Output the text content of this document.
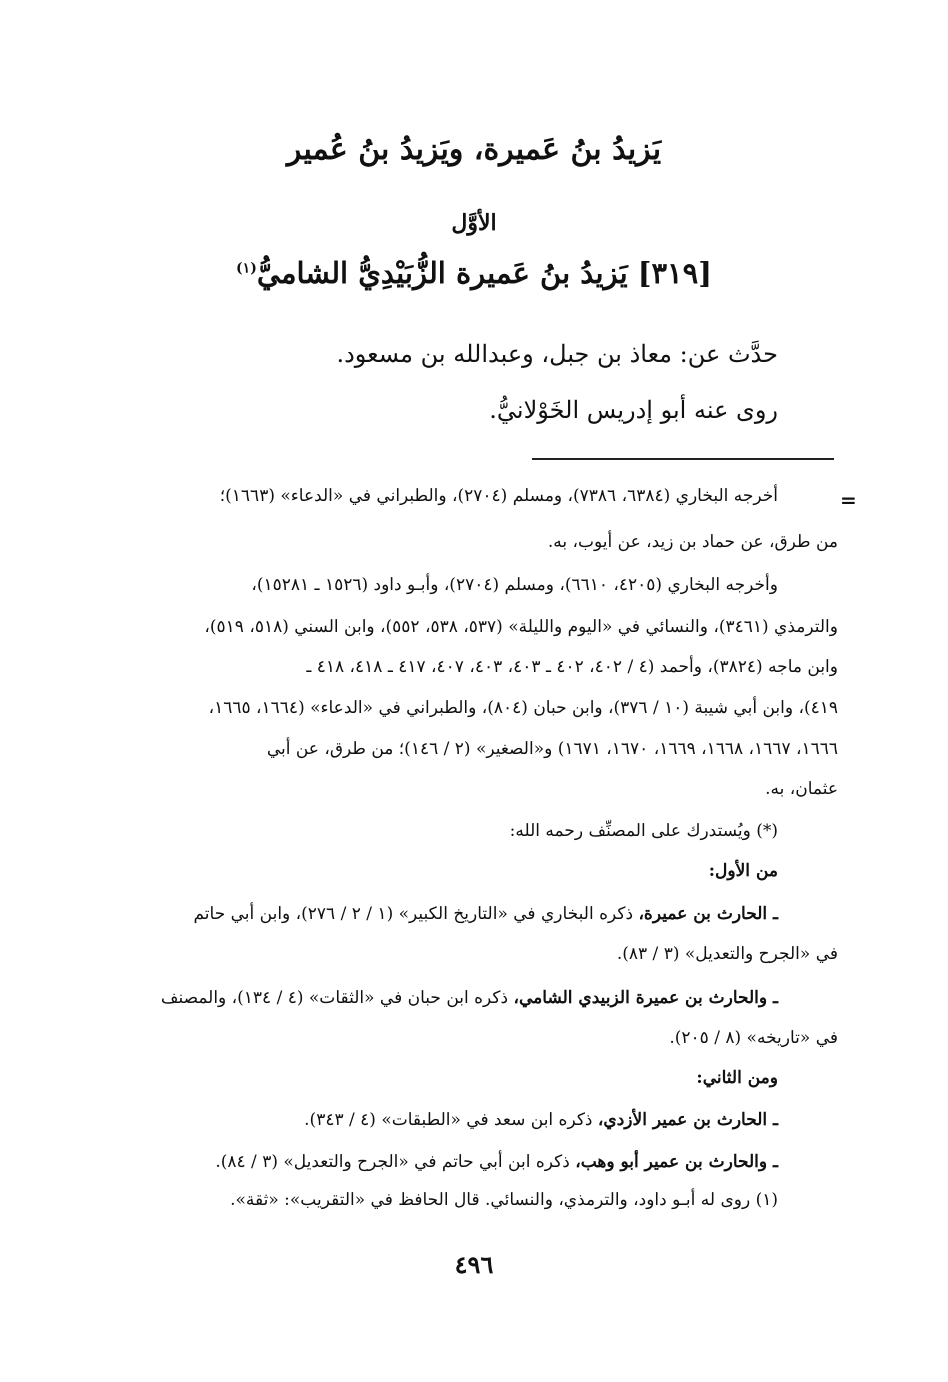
يَزيدُ بنُ عَميرة، ويَزيدُ بنُ عُمير
الأوَّل
[٣١٩] يَزيدُ بنُ عَميرة الزُّبَيْدِيُّ الشاميُّ$^{(١)}$
حدَّث عن: معاذ بن جبل، وعبدالله بن مسعود.
روى عنه أبو إدريس الخَوْلانيُّ.
=
أخرجه البخاري (٦٣٨٤، ٧٣٨٦)، ومسلم (٢٧٠٤)، والطبراني في «الدعاء» (١٦٦٣)؛
من طرق، عن حماد بن زيد، عن أيوب، به.
وأخرجه البخاري (٤٢٠٥، ٦٦١٠)، ومسلم (٢٧٠٤)، وأبـو داود (١٥٢٦ ـ ١٥٢٨١)،
والترمذي (٣٤٦١)، والنسائي في «اليوم والليلة» (٥٣٧، ٥٣٨، ٥٥٢)، وابن السني (٥١٨، ٥١٩)،
وابن ماجه (٣٨٢٤)، وأحمد (٤ / ٤٠٢، ٤٠٢ ـ ٤٠٣، ٤٠٣، ٤٠٧، ٤١٧ ـ ٤١٨، ٤١٨ ـ
٤١٩)، وابن أبي شيبة (١٠ / ٣٧٦)، وابن حبان (٨٠٤)، والطبراني في «الدعاء» (١٦٦٤، ١٦٦٥،
١٦٦٦، ١٦٦٧، ١٦٦٨، ١٦٦٩، ١٦٧٠، ١٦٧١) و«الصغير» (٢ / ١٤٦)؛ من طرق، عن أبي
عثمان، به.
(*) ويُستدرك على المصنِّف رحمه الله:
من الأول:
ـ الحارث بن عميرة، ذكره البخاري في «التاريخ الكبير» (١ / ٢ / ٢٧٦)، وابن أبي حاتم
في «الجرح والتعديل» (٣ / ٨٣).
ـ والحارث بن عميرة الزبيدي الشامي، ذكره ابن حبان في «الثقات» (٤ / ١٣٤)، والمصنف
في «تاريخه» (٨ / ٢٠٥).
ومن الثاني:
ـ الحارث بن عمير الأزدي، ذكره ابن سعد في «الطبقات» (٤ / ٣٤٣).
ـ والحارث بن عمير أبو وهب، ذكره ابن أبي حاتم في «الجرح والتعديل» (٣ / ٨٤).
(١) روى له أبـو داود، والترمذي، والنسائي. قال الحافظ في «التقريب»: «ثقة».
٤٩٦
